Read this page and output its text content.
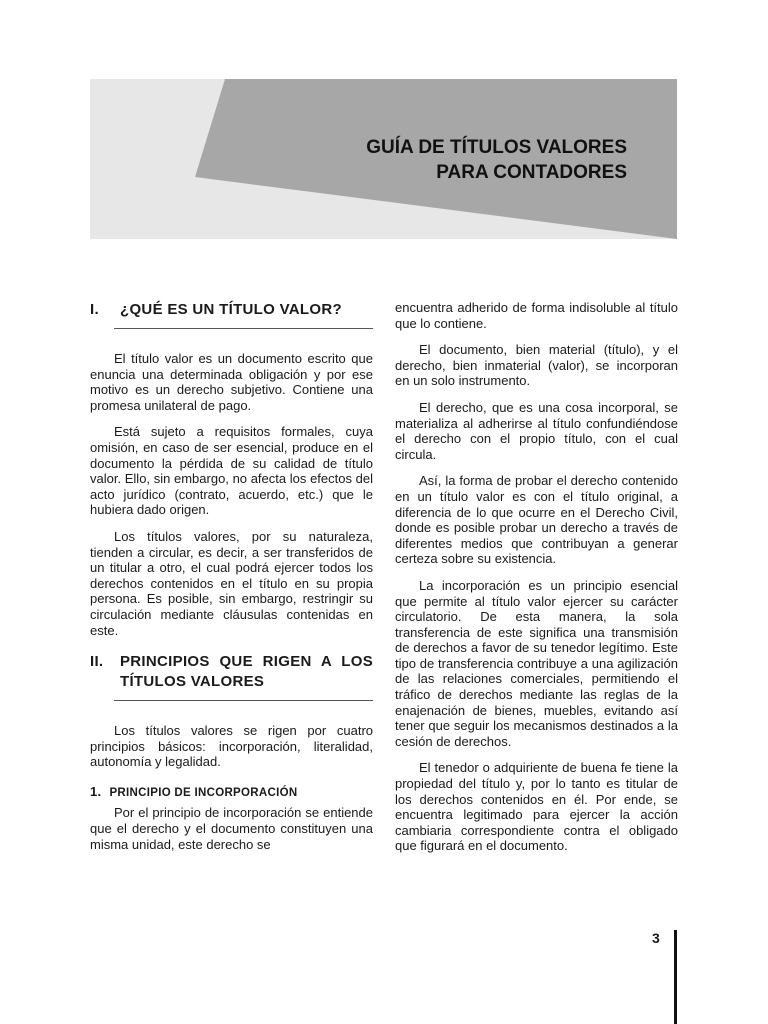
GUÍA DE TÍTULOS VALORES
PARA CONTADORES
I.	¿QUÉ ES UN TÍTULO VALOR?

El título valor es un documento escrito que enuncia una determinada obligación y por ese motivo es un derecho subjetivo. Contiene una promesa unilateral de pago.

Está sujeto a requisitos formales, cuya omisión, en caso de ser esencial, produce en el documento la pérdida de su calidad de título valor. Ello, sin embargo, no afecta los efectos del acto jurídico (contrato, acuerdo, etc.) que le hubiera dado origen.

Los títulos valores, por su naturaleza, tienden a circular, es decir, a ser transferidos de un titular a otro, el cual podrá ejercer todos los derechos contenidos en el título en su propia persona. Es posible, sin embargo, restringir su circulación mediante cláusulas contenidas en este.

II.	PRINCIPIOS QUE RIGEN A LOS TÍTULOS VALORES

Los títulos valores se rigen por cuatro principios básicos: incorporación, literalidad, autonomía y legalidad.

1. PRINCIPIO DE INCORPORACIÓN

Por el principio de incorporación se entiende que el derecho y el documento constituyen una misma unidad, este derecho se

encuentra adherido de forma indisoluble al título que lo contiene.

El documento, bien material (título), y el derecho, bien inmaterial (valor), se incorporan en un solo instrumento.

El derecho, que es una cosa incorporal, se materializa al adherirse al título confundiéndose el derecho con el propio título, con el cual circula.

Así, la forma de probar el derecho contenido en un título valor es con el título original, a diferencia de lo que ocurre en el Derecho Civil, donde es posible probar un derecho a través de diferentes medios que contribuyan a generar certeza sobre su existencia.

La incorporación es un principio esencial que permite al título valor ejercer su carácter circulatorio. De esta manera, la sola transferencia de este significa una transmisión de derechos a favor de su tenedor legítimo. Este tipo de transferencia contribuye a una agilización de las relaciones comerciales, permitiendo el tráfico de derechos mediante las reglas de la enajenación de bienes, muebles, evitando así tener que seguir los mecanismos destinados a la cesión de derechos.

El tenedor o adquiriente de buena fe tiene la propiedad del título y, por lo tanto es titular de los derechos contenidos en él. Por ende, se encuentra legitimado para ejercer la acción cambiaria correspondiente contra el obligado que figurará en el documento.

3
